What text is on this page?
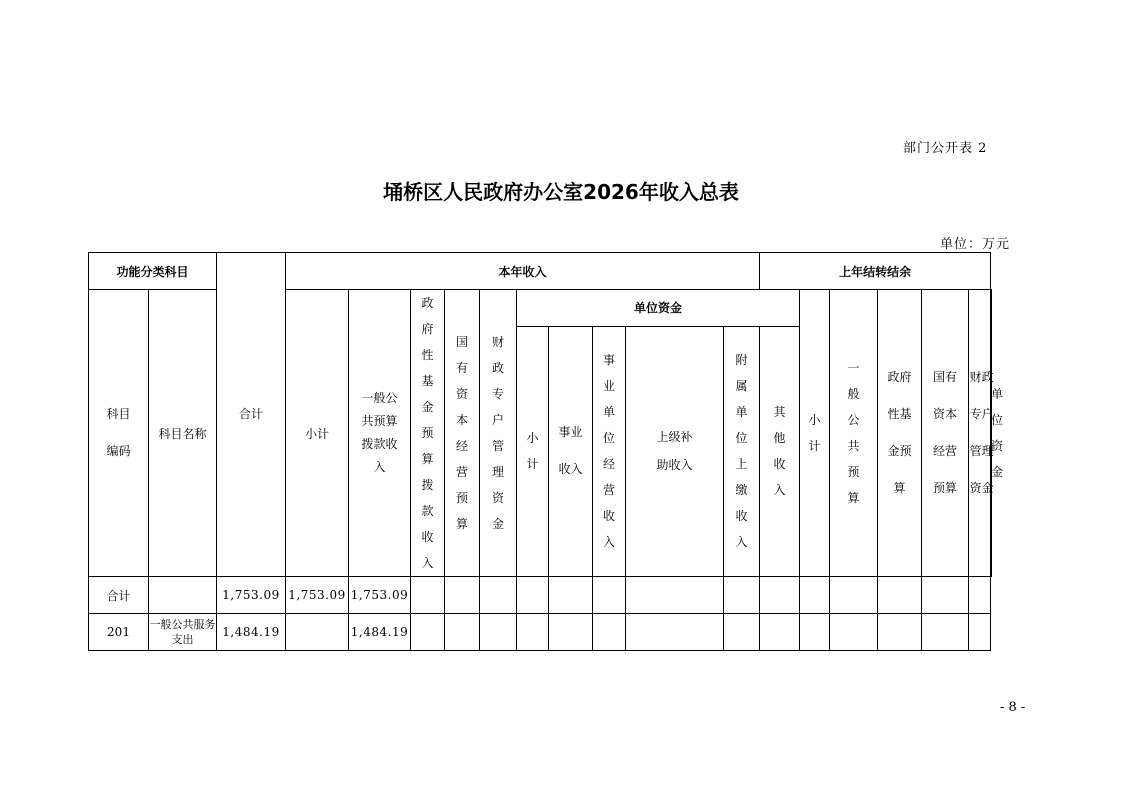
部门公开表 2
埇桥区人民政府办公室2026年收入总表
单位：万元
功能分类科目		合计	本年收入										上年结转结余						

科目编码	科目名称		小计	一般公共预算拨款收入	政府性基金预算拨款收入	国有资本经营预算	财政专户管理资金	单位资金						小计	一般公共预算	政府性基金预算	国有资本经营预算	财政专户管理资金	单位资金

								小计	事业收入	事业单位经营收入	上级补助收入	附属单位上缴收入	其他收入						

合计		1,753.09	1,753.09	1,753.09															
201	一般公共服务支出	1,484.19		1,484.19															
- 8 -
